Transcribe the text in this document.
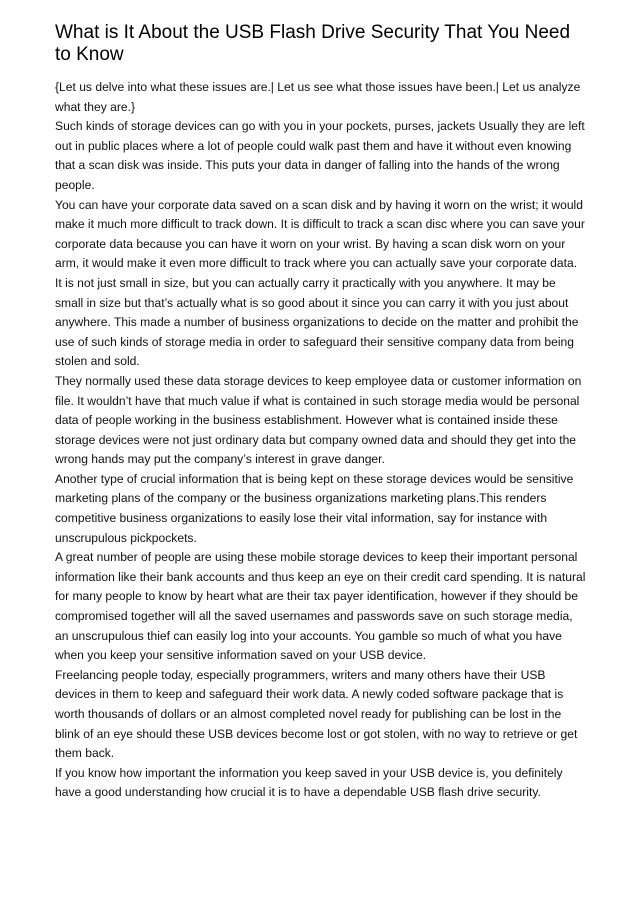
What is It About the USB Flash Drive Security That You Need to Know

{Let us delve into what these issues are.| Let us see what those issues have been.| Let us analyze what they are.}

Such kinds of storage devices can go with you in your pockets, purses, jackets Usually they are left out in public places where a lot of people could walk past them and have it without even knowing that a scan disk was inside. This puts your data in danger of falling into the hands of the wrong people.

You can have your corporate data saved on a scan disk and by having it worn on the wrist; it would make it much more difficult to track down. It is difficult to track a scan disc where you can save your corporate data because you can have it worn on your wrist. By having a scan disk worn on your arm, it would make it even more difficult to track where you can actually save your corporate data. It is not just small in size, but you can actually carry it practically with you anywhere. It may be small in size but that’s actually what is so good about it since you can carry it with you just about anywhere. This made a number of business organizations to decide on the matter and prohibit the use of such kinds of storage media in order to safeguard their sensitive company data from being stolen and sold.

They normally used these data storage devices to keep employee data or customer information on file. It wouldn’t have that much value if what is contained in such storage media would be personal data of people working in the business establishment. However what is contained inside these storage devices were not just ordinary data but company owned data and should they get into the wrong hands may put the company’s interest in grave danger.

Another type of crucial information that is being kept on these storage devices would be sensitive marketing plans of the company or the business organizations marketing plans.This renders competitive business organizations to easily lose their vital information, say for instance with unscrupulous pickpockets.

A great number of people are using these mobile storage devices to keep their important personal information like their bank accounts and thus keep an eye on their credit card spending. It is natural for many people to know by heart what are their tax payer identification, however if they should be compromised together will all the saved usernames and passwords save on such storage media, an unscrupulous thief can easily log into your accounts. You gamble so much of what you have when you keep your sensitive information saved on your USB device.

Freelancing people today, especially programmers, writers and many others have their USB devices in them to keep and safeguard their work data. A newly coded software package that is worth thousands of dollars or an almost completed novel ready for publishing can be lost in the blink of an eye should these USB devices become lost or got stolen, with no way to retrieve or get them back.

If you know how important the information you keep saved in your USB device is, you definitely have a good understanding how crucial it is to have a dependable USB flash drive security.
